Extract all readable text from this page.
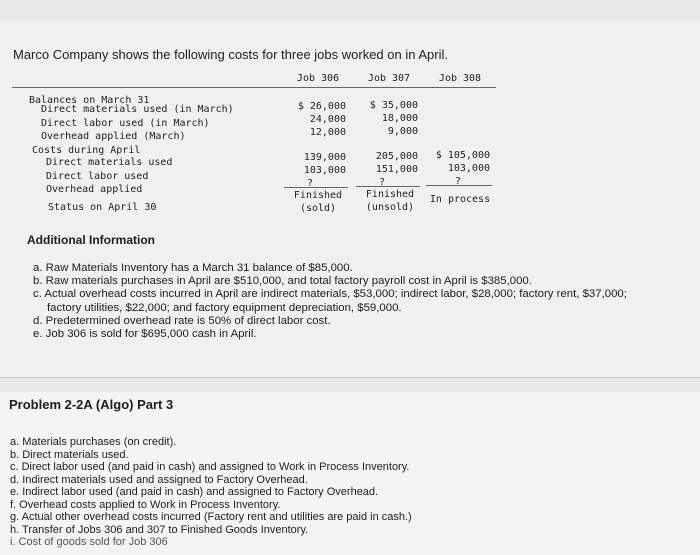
Marco Company shows the following costs for three jobs worked on in April.
Job 306	Job 307	Job 308
Balances on March 31
Direct materials used (in March)
Direct labor used (in March)
Overhead applied (March)
$ 26,000
24,000
12,000
$ 35,000
18,000
9,000
Costs during April
Direct materials used
Direct labor used
Overhead applied
139,000
103,000
?
205,000
151,000
?
$ 105,000
103,000
?
Status on April 30
Finished
(sold)
Finished
(unsold)
In process
Additional Information
a. Raw Materials Inventory has a March 31 balance of $85,000.
b. Raw materials purchases in April are $510,000, and total factory payroll cost in April is $385,000.
c. Actual overhead costs incurred in April are indirect materials, $53,000; indirect labor, $28,000; factory rent, $37,000;
factory utilities, $22,000; and factory equipment depreciation, $59,000.
d. Predetermined overhead rate is 50% of direct labor cost.
e. Job 306 is sold for $695,000 cash in April.
Problem 2-2A (Algo) Part 3
a. Materials purchases (on credit).
b. Direct materials used.
c. Direct labor used (and paid in cash) and assigned to Work in Process Inventory.
d. Indirect materials used and assigned to Factory Overhead.
e. Indirect labor used (and paid in cash) and assigned to Factory Overhead.
f. Overhead costs applied to Work in Process Inventory.
g. Actual other overhead costs incurred (Factory rent and utilities are paid in cash.)
h. Transfer of Jobs 306 and 307 to Finished Goods Inventory.
i. Cost of goods sold for Job 306
